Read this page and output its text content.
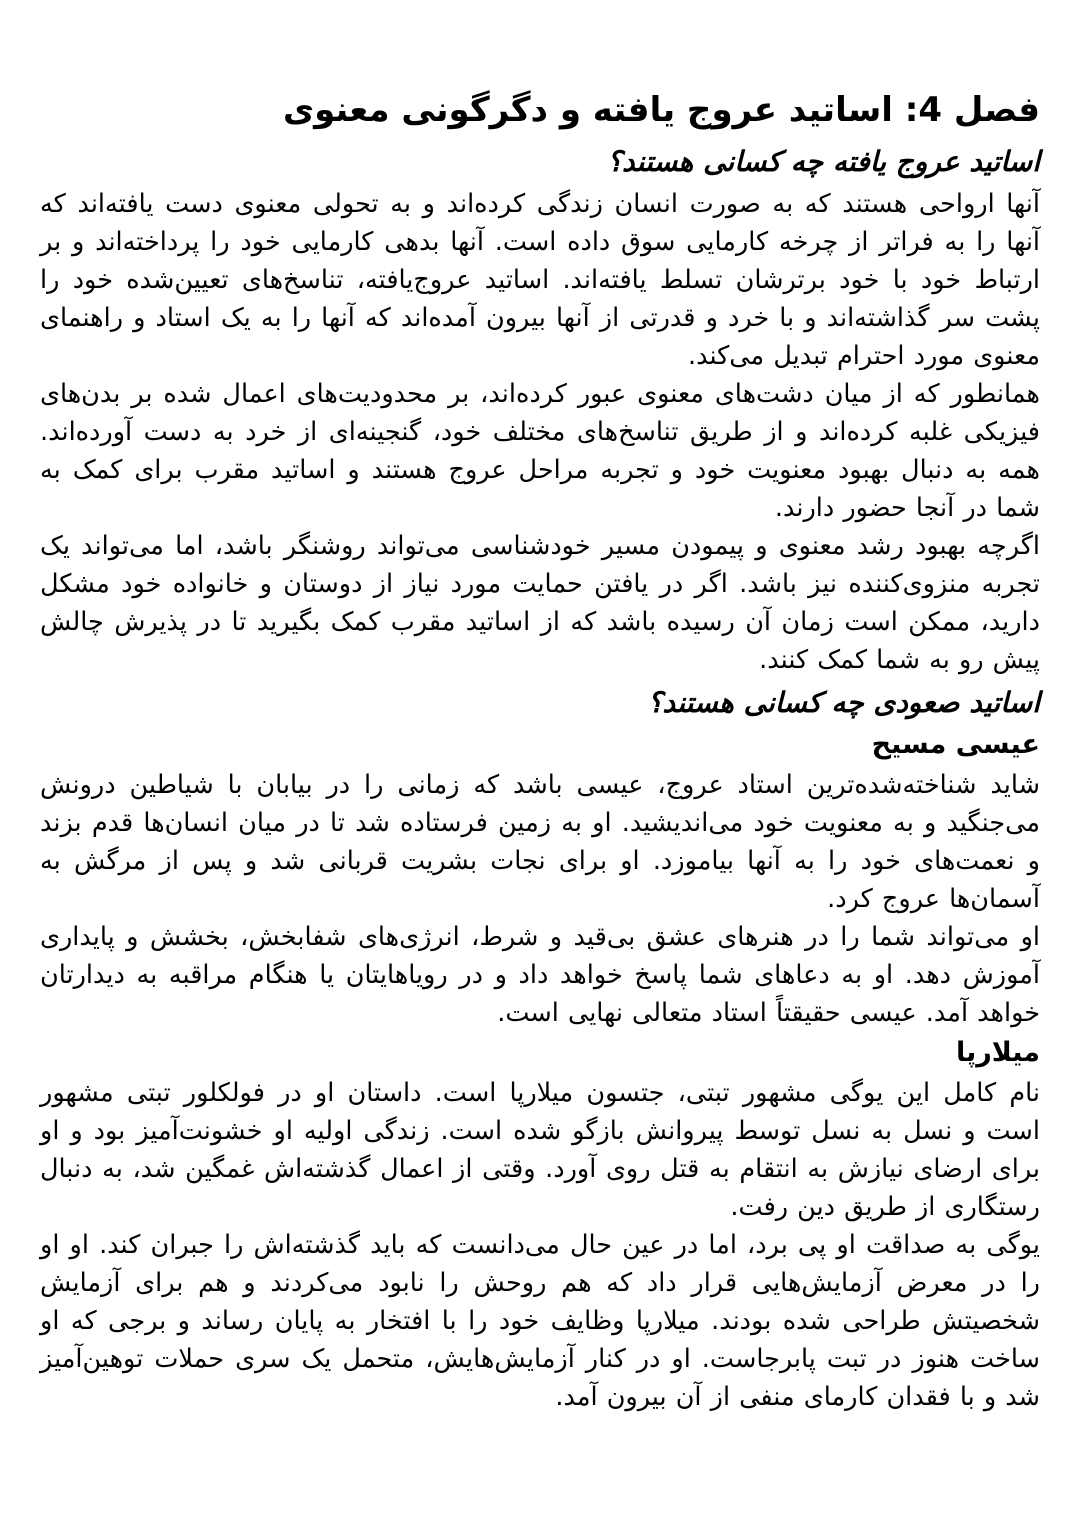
فصل 4: اساتید عروج یافته و دگرگونی معنوی
اساتید عروج یافته چه کسانی هستند؟

آنها ارواحی هستند که به صورت انسان زندگی کرده‌اند و به تحولی معنوی دست یافته‌اند که آنها را به فراتر از چرخه کارمایی سوق داده است. آنها بدهی کارمایی خود را پرداخته‌اند و بر ارتباط خود با خود برترشان تسلط یافته‌اند. اساتید عروج‌یافته، تناسخ‌های تعیین‌شده خود را پشت سر گذاشته‌اند و با خرد و قدرتی از آنها بیرون آمده‌اند که آنها را به یک استاد و راهنمای معنوی مورد احترام تبدیل می‌کند.

همانطور که از میان دشت‌های معنوی عبور کرده‌اند، بر محدودیت‌های اعمال شده بر بدن‌های فیزیکی غلبه کرده‌اند و از طریق تناسخ‌های مختلف خود، گنجینه‌ای از خرد به دست آورده‌اند. همه به دنبال بهبود معنویت خود و تجربه مراحل عروج هستند و اساتید مقرب برای کمک به شما در آنجا حضور دارند.

اگرچه بهبود رشد معنوی و پیمودن مسیر خودشناسی می‌تواند روشنگر باشد، اما می‌تواند یک تجربه منزوی‌کننده نیز باشد. اگر در یافتن حمایت مورد نیاز از دوستان و خانواده خود مشکل دارید، ممکن است زمان آن رسیده باشد که از اساتید مقرب کمک بگیرید تا در پذیرش چالش پیش رو به شما کمک کنند.

اساتید صعودی چه کسانی هستند؟
عیسی مسیح

شاید شناخته‌شده‌ترین استاد عروج، عیسی باشد که زمانی را در بیابان با شیاطین درونش می‌جنگید و به معنویت خود می‌اندیشید. او به زمین فرستاده شد تا در میان انسان‌ها قدم بزند و نعمت‌های خود را به آنها بیاموزد. او برای نجات بشریت قربانی شد و پس از مرگش به آسمان‌ها عروج کرد.

او می‌تواند شما را در هنرهای عشق بی‌قید و شرط، انرژی‌های شفابخش، بخشش و پایداری آموزش دهد. او به دعاهای شما پاسخ خواهد داد و در رویاهایتان یا هنگام مراقبه به دیدارتان خواهد آمد. عیسی حقیقتاً استاد متعالی نهایی است.

میلارپا

نام کامل این یوگی مشهور تبتی، جتسون میلارپا است. داستان او در فولکلور تبتی مشهور است و نسل به نسل توسط پیروانش بازگو شده است. زندگی اولیه او خشونت‌آمیز بود و او برای ارضای نیازش به انتقام به قتل روی آورد. وقتی از اعمال گذشته‌اش غمگین شد، به دنبال رستگاری از طریق دین رفت.

یوگی به صداقت او پی برد، اما در عین حال می‌دانست که باید گذشته‌اش را جبران کند. او او را در معرض آزمایش‌هایی قرار داد که هم روحش را نابود می‌کردند و هم برای آزمایش شخصیتش طراحی شده بودند. میلارپا وظایف خود را با افتخار به پایان رساند و برجی که او ساخت هنوز در تبت پابرجاست. او در کنار آزمایش‌هایش، متحمل یک سری حملات توهین‌آمیز شد و با فقدان کارمای منفی از آن بیرون آمد.
